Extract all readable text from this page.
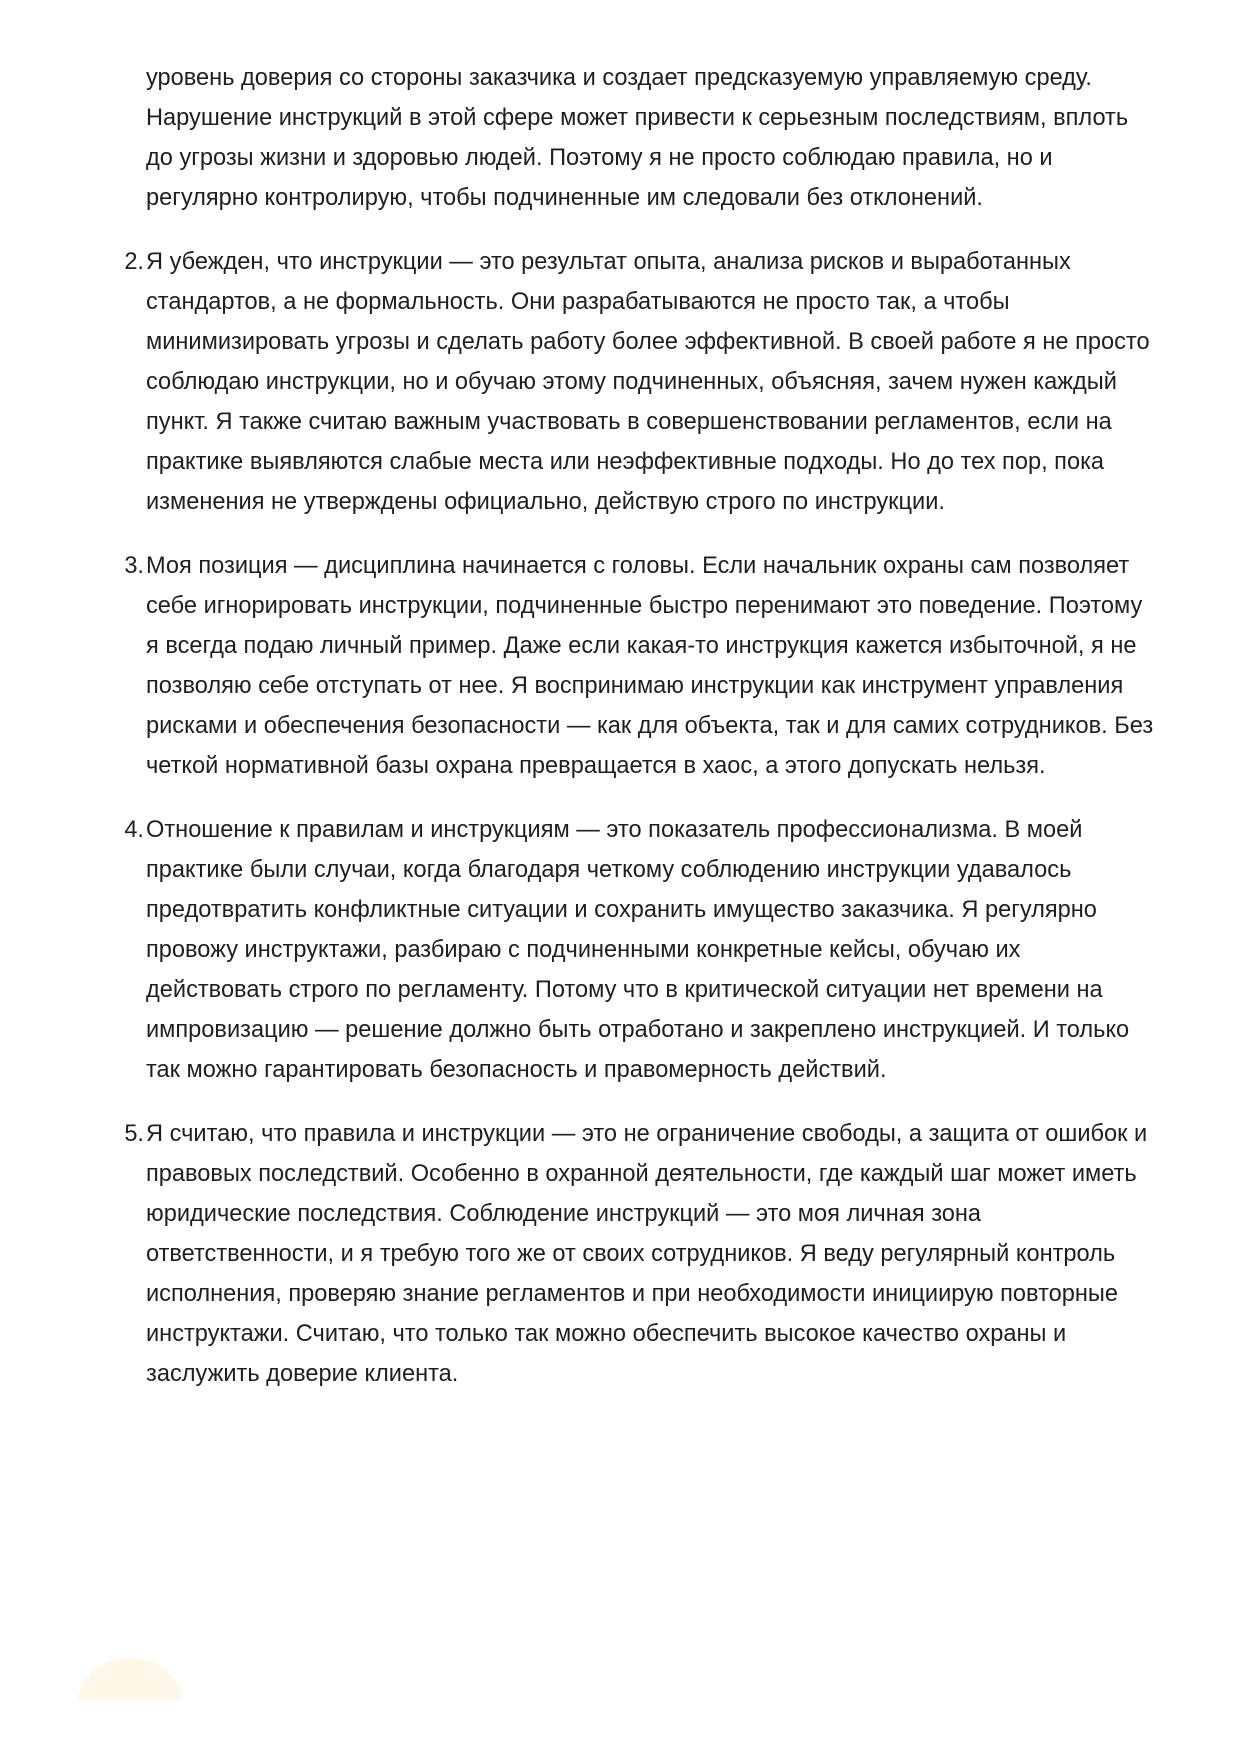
уровень доверия со стороны заказчика и создает предсказуемую управляемую среду. Нарушение инструкций в этой сфере может привести к серьезным последствиям, вплоть до угрозы жизни и здоровью людей. Поэтому я не просто соблюдаю правила, но и регулярно контролирую, чтобы подчиненные им следовали без отклонений.

2. Я убежден, что инструкции — это результат опыта, анализа рисков и выработанных стандартов, а не формальность. Они разрабатываются не просто так, а чтобы минимизировать угрозы и сделать работу более эффективной. В своей работе я не просто соблюдаю инструкции, но и обучаю этому подчиненных, объясняя, зачем нужен каждый пункт. Я также считаю важным участвовать в совершенствовании регламентов, если на практике выявляются слабые места или неэффективные подходы. Но до тех пор, пока изменения не утверждены официально, действую строго по инструкции.

3. Моя позиция — дисциплина начинается с головы. Если начальник охраны сам позволяет себе игнорировать инструкции, подчиненные быстро перенимают это поведение. Поэтому я всегда подаю личный пример. Даже если какая-то инструкция кажется избыточной, я не позволяю себе отступать от нее. Я воспринимаю инструкции как инструмент управления рисками и обеспечения безопасности — как для объекта, так и для самих сотрудников. Без четкой нормативной базы охрана превращается в хаос, а этого допускать нельзя.

4. Отношение к правилам и инструкциям — это показатель профессионализма. В моей практике были случаи, когда благодаря четкому соблюдению инструкции удавалось предотвратить конфликтные ситуации и сохранить имущество заказчика. Я регулярно провожу инструктажи, разбираю с подчиненными конкретные кейсы, обучаю их действовать строго по регламенту. Потому что в критической ситуации нет времени на импровизацию — решение должно быть отработано и закреплено инструкцией. И только так можно гарантировать безопасность и правомерность действий.

5. Я считаю, что правила и инструкции — это не ограничение свободы, а защита от ошибок и правовых последствий. Особенно в охранной деятельности, где каждый шаг может иметь юридические последствия. Соблюдение инструкций — это моя личная зона ответственности, и я требую того же от своих сотрудников. Я веду регулярный контроль исполнения, проверяю знание регламентов и при необходимости инициирую повторные инструктажи. Считаю, что только так можно обеспечить высокое качество охраны и заслужить доверие клиента.
